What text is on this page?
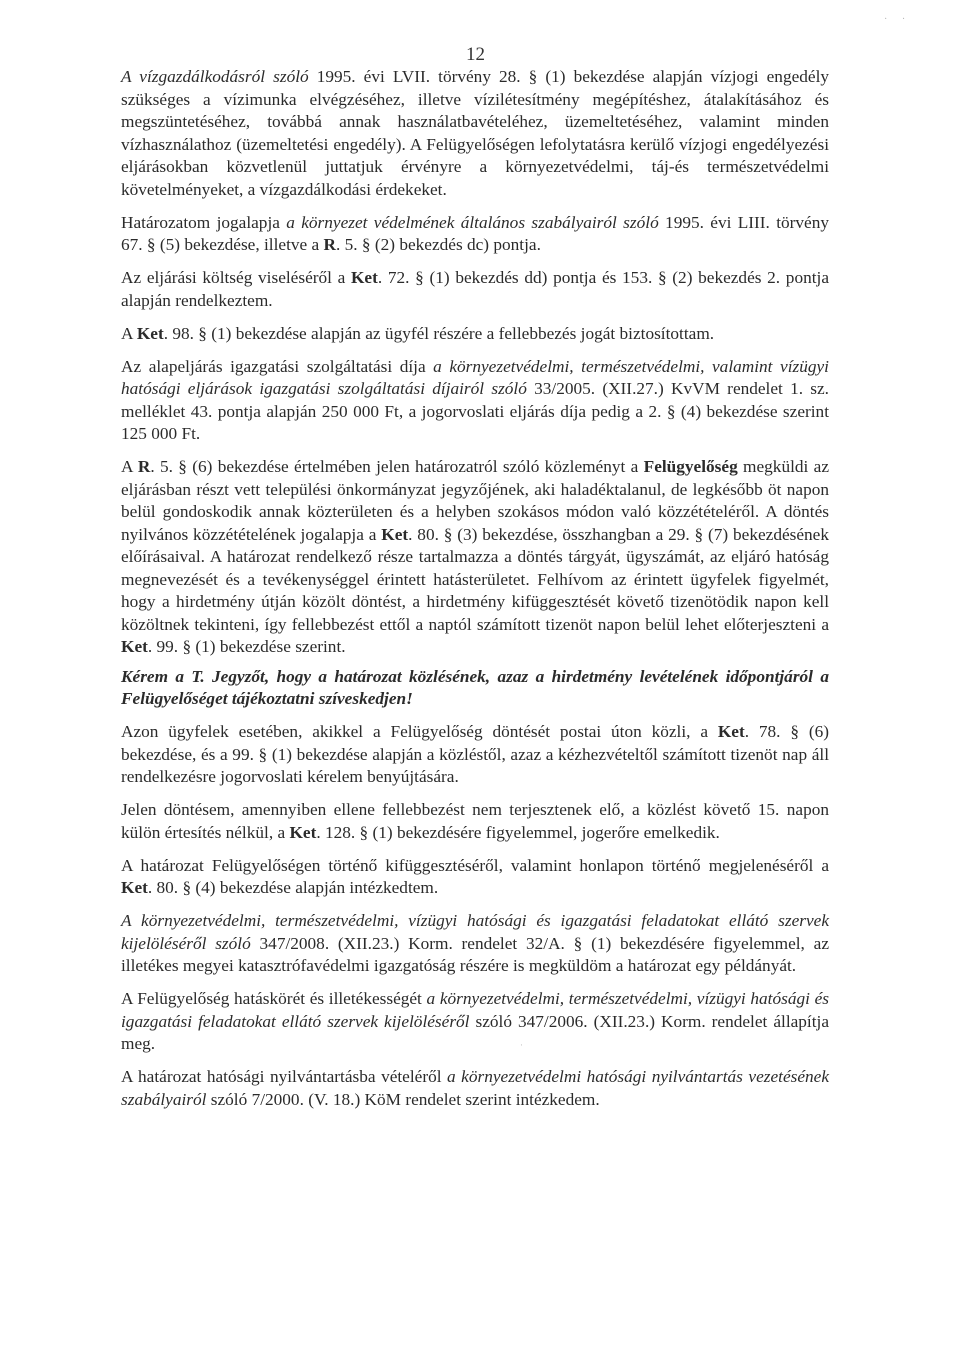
· ·
12
·

A vízgazdálkodásról szóló 1995. évi LVII. törvény 28. § (1) bekezdése alapján vízjogi engedély szükséges a vízimunka elvégzéséhez, illetve vízilétesítmény megépítéshez, átalakításához és megszüntetéséhez, továbbá annak használatbavételéhez, üzemeltetéséhez, valamint minden vízhasználathoz (üzemeltetési engedély). A Felügyelőségen lefolytatásra kerülő vízjogi engedélyezési eljárásokban közvetlenül juttatjuk érvényre a környezetvédelmi, táj-és természetvédelmi követelményeket, a vízgazdálkodási érdekeket.

Határozatom jogalapja a környezet védelmének általános szabályairól szóló 1995. évi LIII. törvény 67. § (5) bekezdése, illetve a R. 5. § (2) bekezdés dc) pontja.

Az eljárási költség viseléséről a Ket. 72. § (1) bekezdés dd) pontja és 153. § (2) bekezdés 2. pontja alapján rendelkeztem.

A Ket. 98. § (1) bekezdése alapján az ügyfél részére a fellebbezés jogát biztosítottam.

Az alapeljárás igazgatási szolgáltatási díja a környezetvédelmi, természetvédelmi, valamint vízügyi hatósági eljárások igazgatási szolgáltatási díjairól szóló 33/2005. (XII.27.) KvVM rendelet 1. sz. melléklet 43. pontja alapján 250 000 Ft, a jogorvoslati eljárás díja pedig a 2. § (4) bekezdése szerint 125 000 Ft.

A R. 5. § (6) bekezdése értelmében jelen határozatról szóló közleményt a Felügyelőség megküldi az eljárásban részt vett települési önkormányzat jegyzőjének, aki haladéktalanul, de legkésőbb öt napon belül gondoskodik annak közterületen és a helyben szokásos módon való közzétételéről. A döntés nyilvános közzétételének jogalapja a Ket. 80. § (3) bekezdése, összhangban a 29. § (7) bekezdésének előírásaival. A határozat rendelkező része tartalmazza a döntés tárgyát, ügyszámát, az eljáró hatóság megnevezését és a tevékenységgel érintett hatásterületet. Felhívom az érintett ügyfelek figyelmét, hogy a hirdetmény útján közölt döntést, a hirdetmény kifüggesztését követő tizenötödik napon kell közöltnek tekinteni, így fellebbezést ettől a naptól számított tizenöt napon belül lehet előterjeszteni a Ket. 99. § (1) bekezdése szerint.

Kérem a T. Jegyzőt, hogy a határozat közlésének, azaz a hirdetmény levételének időpontjáról a Felügyelőséget tájékoztatni szíveskedjen!

Azon ügyfelek esetében, akikkel a Felügyelőség döntését postai úton közli, a Ket. 78. § (6) bekezdése, és a 99. § (1) bekezdése alapján a közléstől, azaz a kézhezvételtől számított tizenöt nap áll rendelkezésre jogorvoslati kérelem benyújtására.

Jelen döntésem, amennyiben ellene fellebbezést nem terjesztenek elő, a közlést követő 15. napon külön értesítés nélkül, a Ket. 128. § (1) bekezdésére figyelemmel, jogerőre emelkedik.

A határozat Felügyelőségen történő kifüggesztéséről, valamint honlapon történő megjelenéséről a Ket. 80. § (4) bekezdése alapján intézkedtem.

A környezetvédelmi, természetvédelmi, vízügyi hatósági és igazgatási feladatokat ellátó szervek kijelöléséről szóló 347/2008. (XII.23.) Korm. rendelet 32/A. § (1) bekezdésére figyelemmel, az illetékes megyei katasztrófavédelmi igazgatóság részére is megküldöm a határozat egy példányát.

A Felügyelőség hatáskörét és illetékességét a környezetvédelmi, természetvédelmi, vízügyi hatósági és igazgatási feladatokat ellátó szervek kijelöléséről szóló 347/2006. (XII.23.) Korm. rendelet állapítja meg.

A határozat hatósági nyilvántartásba vételéről a környezetvédelmi hatósági nyilvántartás vezetésének szabályairól szóló 7/2000. (V. 18.) KöM rendelet szerint intézkedem.
